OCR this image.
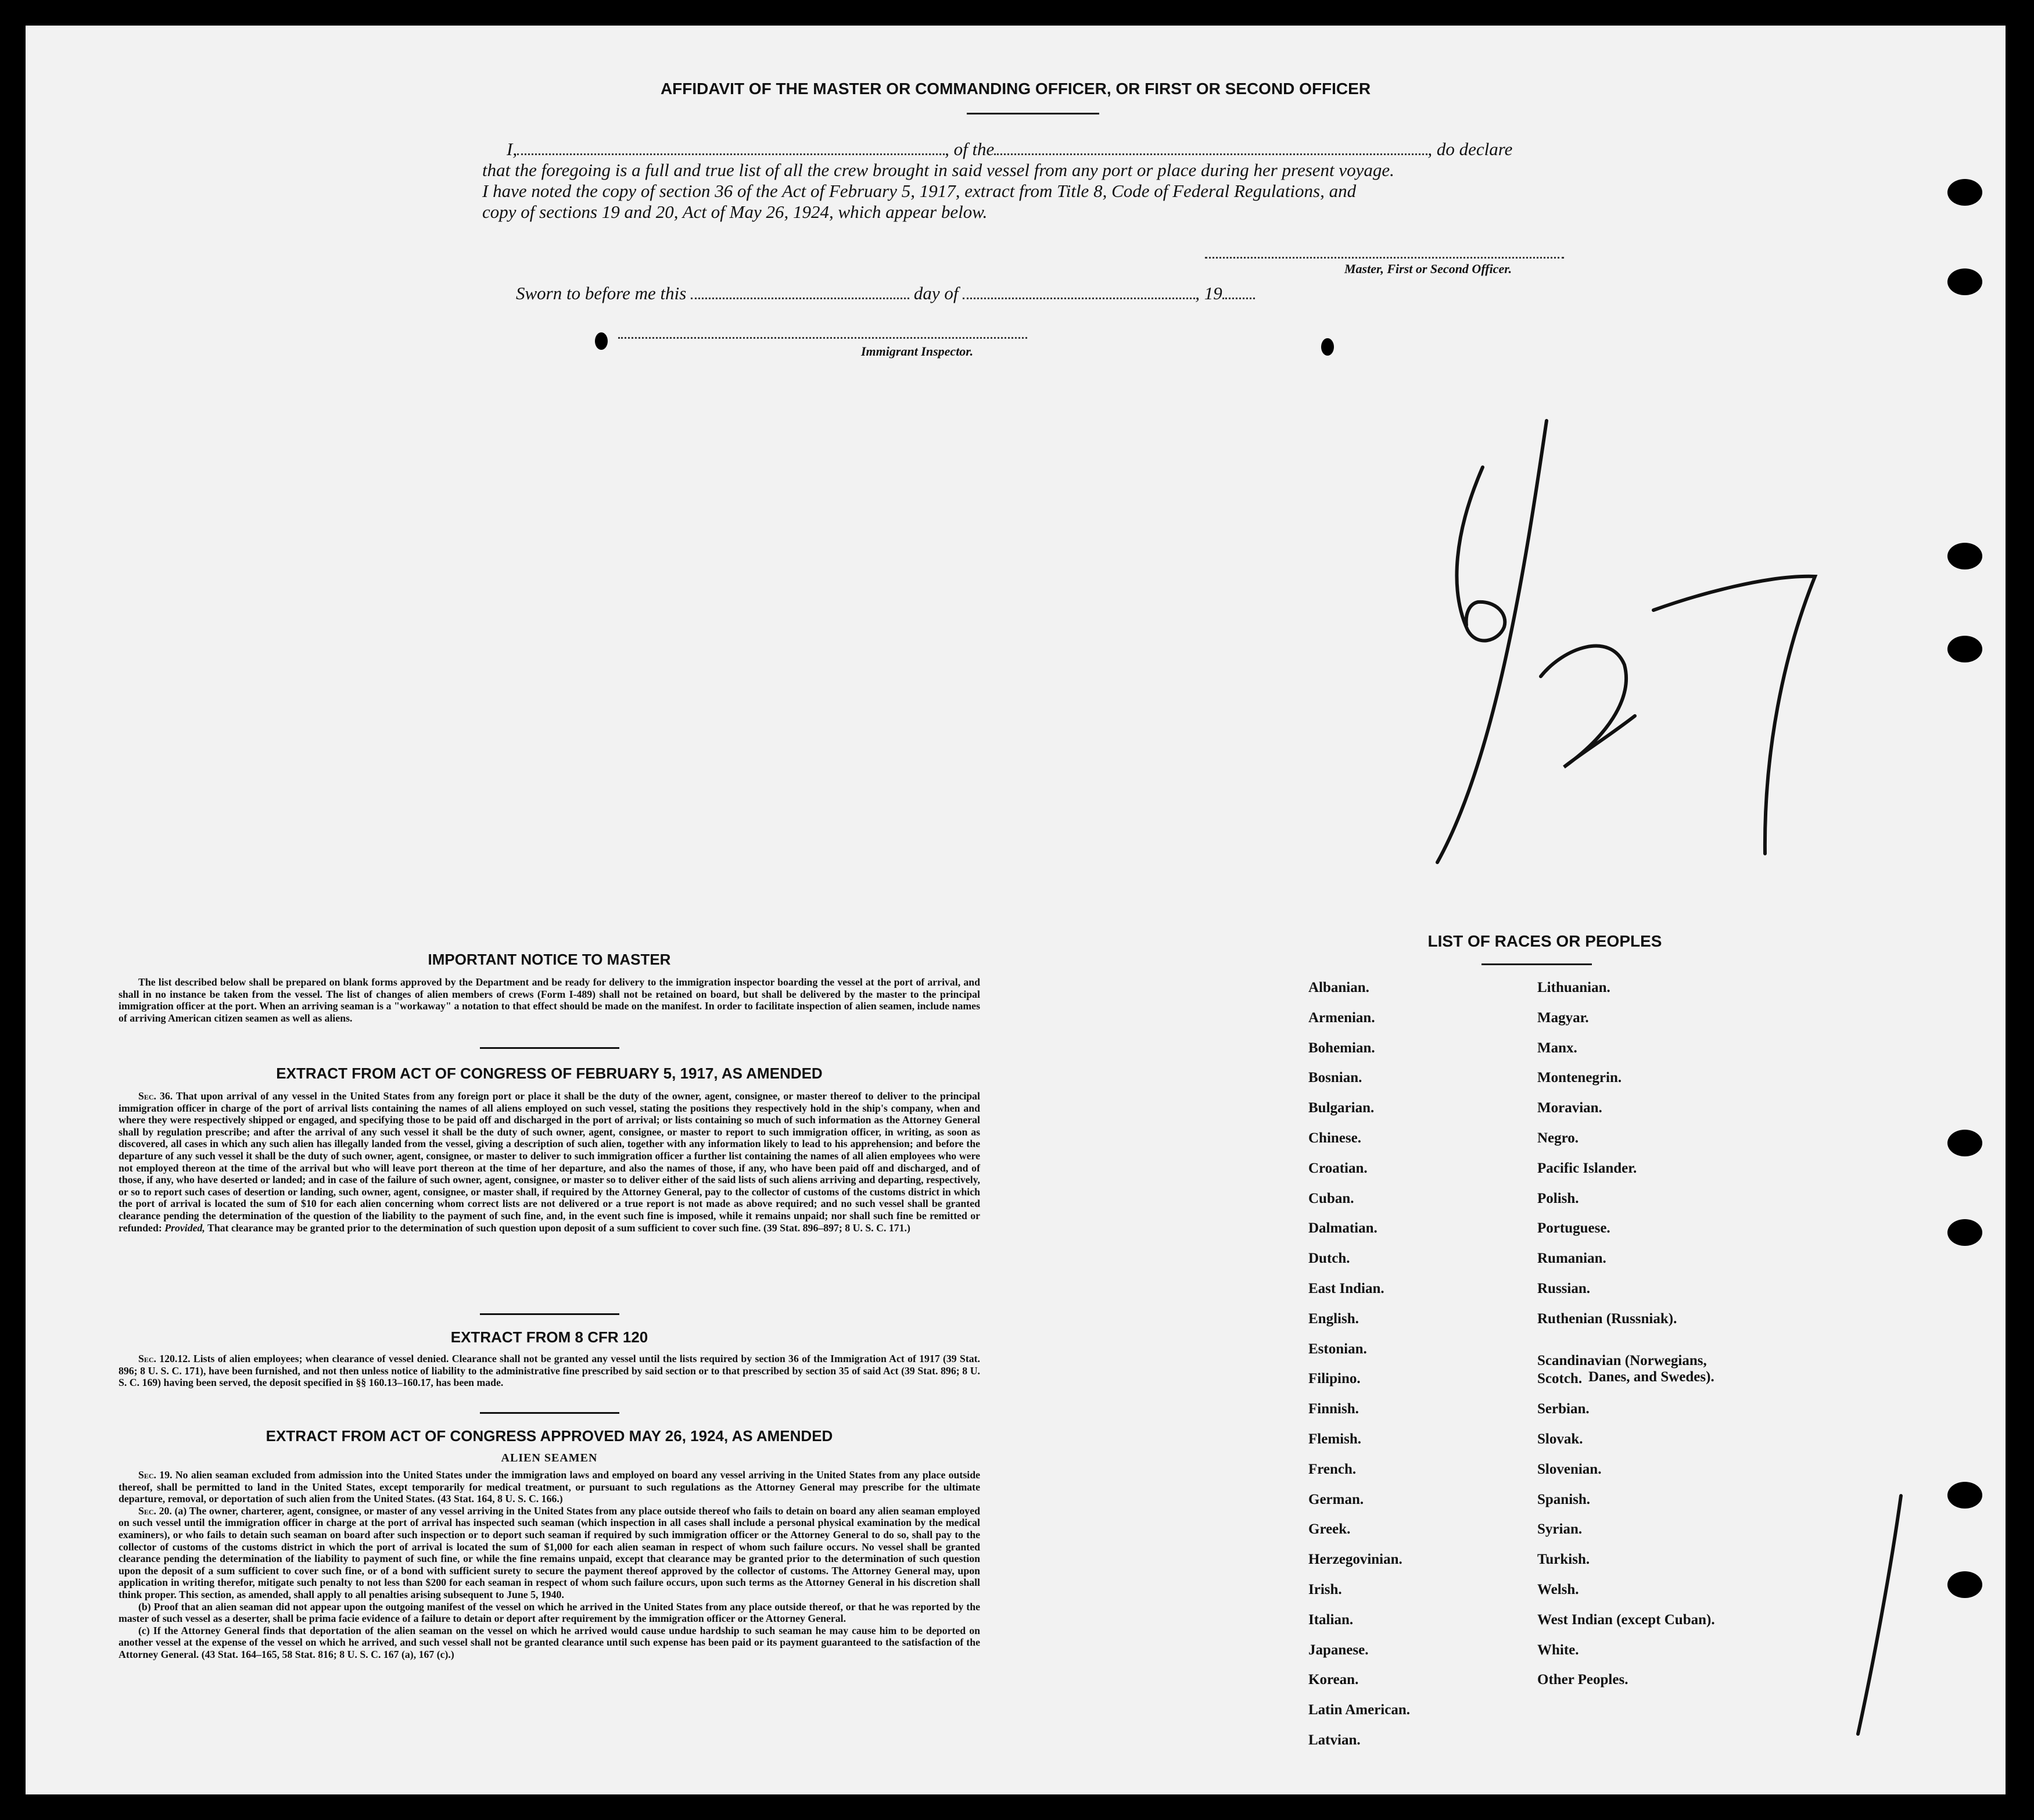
AFFIDAVIT OF THE MASTER OR COMMANDING OFFICER, OR FIRST OR SECOND OFFICER
I,	, of the	, do declare
that the foregoing is a full and true list of all the crew brought in said vessel from any port or place during her present voyage.
I have noted the copy of section 36 of the Act of February 5, 1917, extract from Title 8, Code of Federal Regulations, and
copy of sections 19 and 20, Act of May 26, 1924, which appear below.
Master, First or Second Officer.
Sworn to before me this	day of	, 19
Immigrant Inspector.
IMPORTANT NOTICE TO MASTER

The list described below shall be prepared on blank forms approved by the Department and be ready for delivery to the immigration inspector boarding the vessel at the port of arrival, and shall in no instance be taken from the vessel. The list of changes of alien members of crews (Form I-489) shall not be retained on board, but shall be delivered by the master to the principal immigration officer at the port. When an arriving seaman is a "workaway" a notation to that effect should be made on the manifest. In order to facilitate inspection of alien seamen, include names of arriving American citizen seamen as well as aliens.

EXTRACT FROM ACT OF CONGRESS OF FEBRUARY 5, 1917, AS AMENDED

Sec. 36. That upon arrival of any vessel in the United States from any foreign port or place it shall be the duty of the owner, agent, consignee, or master thereof to deliver to the principal immigration officer in charge of the port of arrival lists containing the names of all aliens employed on such vessel, stating the positions they respectively hold in the ship's company, when and where they were respectively shipped or engaged, and specifying those to be paid off and discharged in the port of arrival; or lists containing so much of such information as the Attorney General shall by regulation prescribe; and after the arrival of any such vessel it shall be the duty of such owner, agent, consignee, or master to report to such immigration officer, in writing, as soon as discovered, all cases in which any such alien has illegally landed from the vessel, giving a description of such alien, together with any information likely to lead to his apprehension; and before the departure of any such vessel it shall be the duty of such owner, agent, consignee, or master to deliver to such immigration officer a further list containing the names of all alien employees who were not employed thereon at the time of the arrival but who will leave port thereon at the time of her departure, and also the names of those, if any, who have been paid off and discharged, and of those, if any, who have deserted or landed; and in case of the failure of such owner, agent, consignee, or master so to deliver either of the said lists of such aliens arriving and departing, respectively, or so to report such cases of desertion or landing, such owner, agent, consignee, or master shall, if required by the Attorney General, pay to the collector of customs of the customs district in which the port of arrival is located the sum of $10 for each alien concerning whom correct lists are not delivered or a true report is not made as above required; and no such vessel shall be granted clearance pending the determination of the question of the liability to the payment of such fine, and, in the event such fine is imposed, while it remains unpaid; nor shall such fine be remitted or refunded: Provided, That clearance may be granted prior to the determination of such question upon deposit of a sum sufficient to cover such fine. (39 Stat. 896–897; 8 U. S. C. 171.)

EXTRACT FROM 8 CFR 120

Sec. 120.12. Lists of alien employees; when clearance of vessel denied. Clearance shall not be granted any vessel until the lists required by section 36 of the Immigration Act of 1917 (39 Stat. 896; 8 U. S. C. 171), have been furnished, and not then unless notice of liability to the administrative fine prescribed by said section or to that prescribed by section 35 of said Act (39 Stat. 896; 8 U. S. C. 169) having been served, the deposit specified in §§ 160.13–160.17, has been made.

EXTRACT FROM ACT OF CONGRESS APPROVED MAY 26, 1924, AS AMENDED
ALIEN SEAMEN

Sec. 19. No alien seaman excluded from admission into the United States under the immigration laws and employed on board any vessel arriving in the United States from any place outside thereof, shall be permitted to land in the United States, except temporarily for medical treatment, or pursuant to such regulations as the Attorney General may prescribe for the ultimate departure, removal, or deportation of such alien from the United States. (43 Stat. 164, 8 U. S. C. 166.)

Sec. 20. (a) The owner, charterer, agent, consignee, or master of any vessel arriving in the United States from any place outside thereof who fails to detain on board any alien seaman employed on such vessel until the immigration officer in charge at the port of arrival has inspected such seaman (which inspection in all cases shall include a personal physical examination by the medical examiners), or who fails to detain such seaman on board after such inspection or to deport such seaman if required by such immigration officer or the Attorney General to do so, shall pay to the collector of customs of the customs district in which the port of arrival is located the sum of $1,000 for each alien seaman in respect of whom such failure occurs. No vessel shall be granted clearance pending the determination of the liability to payment of such fine, or while the fine remains unpaid, except that clearance may be granted prior to the determination of such question upon the deposit of a sum sufficient to cover such fine, or of a bond with sufficient surety to secure the payment thereof approved by the collector of customs. The Attorney General may, upon application in writing therefor, mitigate such penalty to not less than $200 for each seaman in respect of whom such failure occurs, upon such terms as the Attorney General in his discretion shall think proper. This section, as amended, shall apply to all penalties arising subsequent to June 5, 1940.

(b) Proof that an alien seaman did not appear upon the outgoing manifest of the vessel on which he arrived in the United States from any place outside thereof, or that he was reported by the master of such vessel as a deserter, shall be prima facie evidence of a failure to detain or deport after requirement by the immigration officer or the Attorney General.

(c) If the Attorney General finds that deportation of the alien seaman on the vessel on which he arrived would cause undue hardship to such seaman he may cause him to be deported on another vessel at the expense of the vessel on which he arrived, and such vessel shall not be granted clearance until such expense has been paid or its payment guaranteed to the satisfaction of the Attorney General. (43 Stat. 164–165, 58 Stat. 816; 8 U. S. C. 167 (a), 167 (c).)

LIST OF RACES OR PEOPLES
Albanian.
Armenian.
Bohemian.
Bosnian.
Bulgarian.
Chinese.
Croatian.
Cuban.
Dalmatian.
Dutch.
East Indian.
English.
Estonian.
Filipino.
Finnish.
Flemish.
French.
German.
Greek.
Herzegovinian.
Irish.
Italian.
Japanese.
Korean.
Latin American.
Latvian.
Lithuanian.
Magyar.
Manx.
Montenegrin.
Moravian.
Negro.
Pacific Islander.
Polish.
Portuguese.
Rumanian.
Russian.
Ruthenian (Russniak).
Scandinavian (Norwegians,
Danes, and Swedes).
Scotch.
Serbian.
Slovak.
Slovenian.
Spanish.
Syrian.
Turkish.
Welsh.
West Indian (except Cuban).
White.
Other Peoples.
